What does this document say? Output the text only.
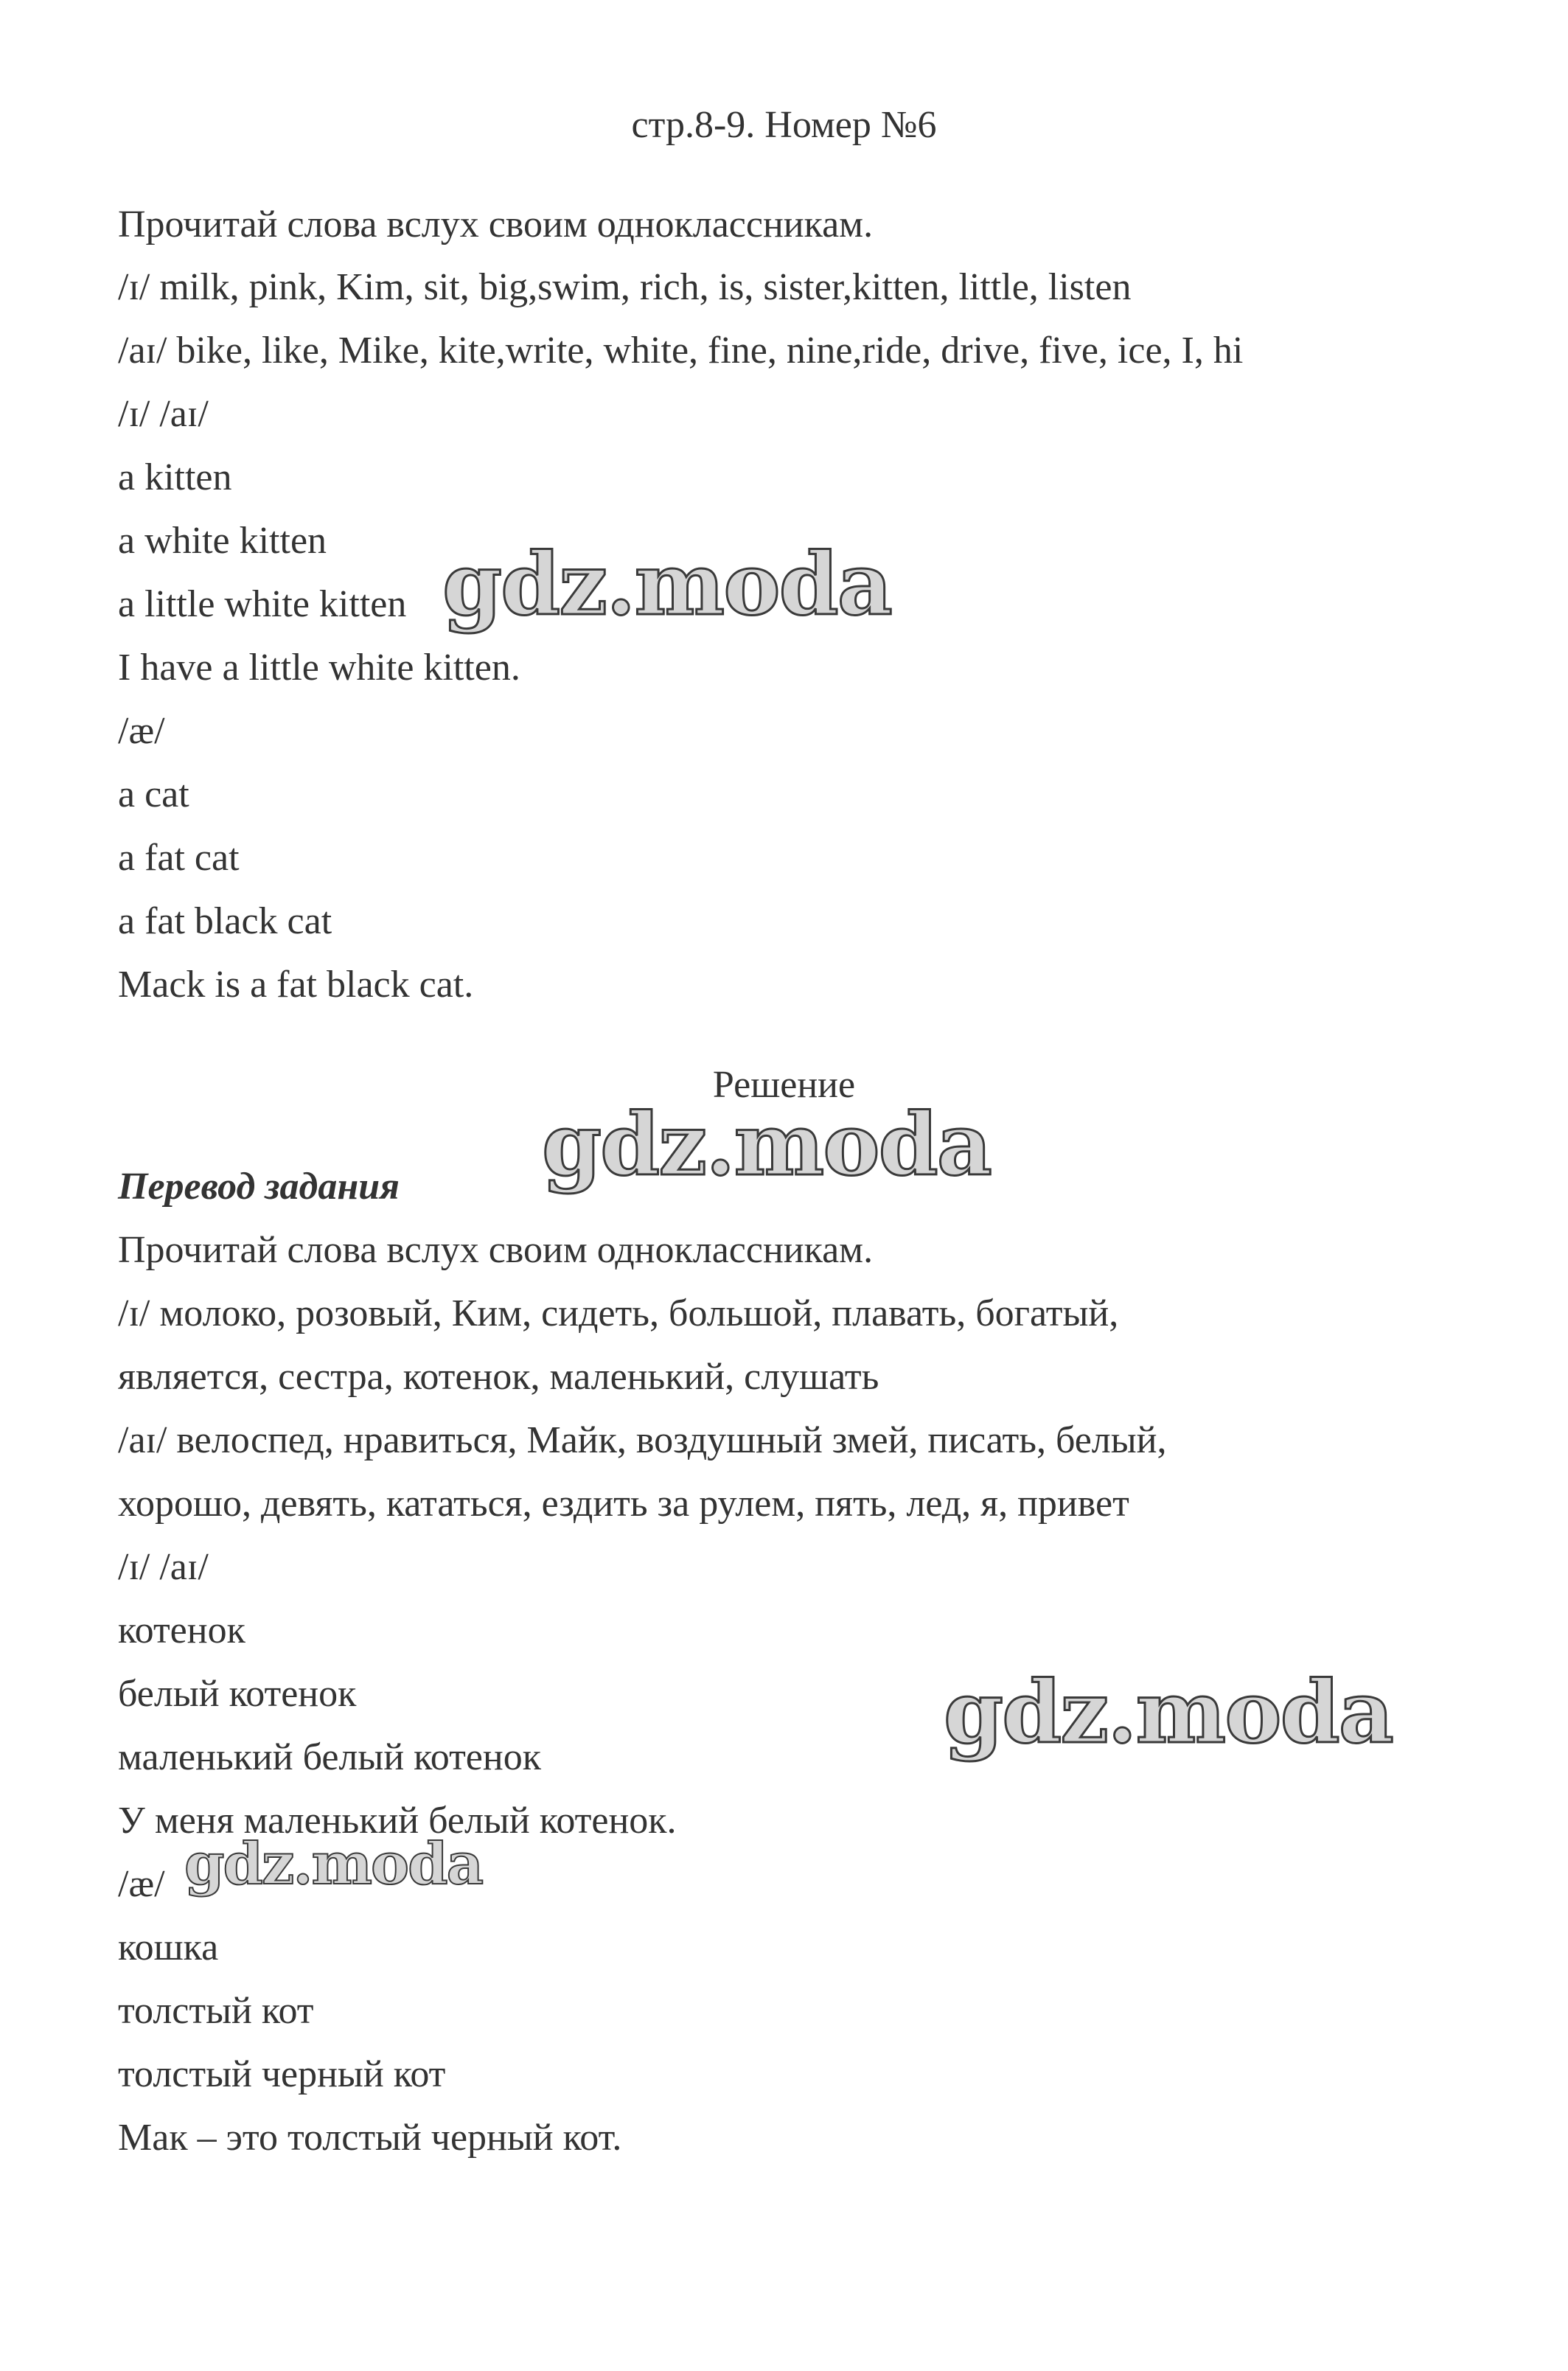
стр.8-9. Номер №6
Прочитай слова вслух своим одноклассникам.
/ɪ/ milk, pink, Kim, sit, big,swim, rich, is, sister,kitten, little, listen
/aɪ/ bike, like, Mike, kite,write, white, fine, nine,ride, drive, five, ice, I, hi
/ɪ/ /aɪ/
a kitten
a white kitten
a little white kitten
I have a little white kitten.
/æ/
a cat
a fat cat
a fat black cat
Mack is a fat black cat.
Решение
Перевод задания
Прочитай слова вслух своим одноклассникам.
/ɪ/ молоко, розовый, Ким, сидеть, большой, плавать, богатый,
является, сестра, котенок, маленький, слушать
/aɪ/ велоспед, нравиться, Майк, воздушный змей, писать, белый,
хорошо, девять, кататься, ездить за рулем, пять, лед, я, привет
/ɪ/ /aɪ/
котенок
белый котенок
маленький белый котенок
У меня маленький белый котенок.
/æ/
кошка
толстый кот
толстый черный кот
Мак – это толстый черный кот.
gdz.moda
gdz.moda
gdz.moda
gdz.moda
